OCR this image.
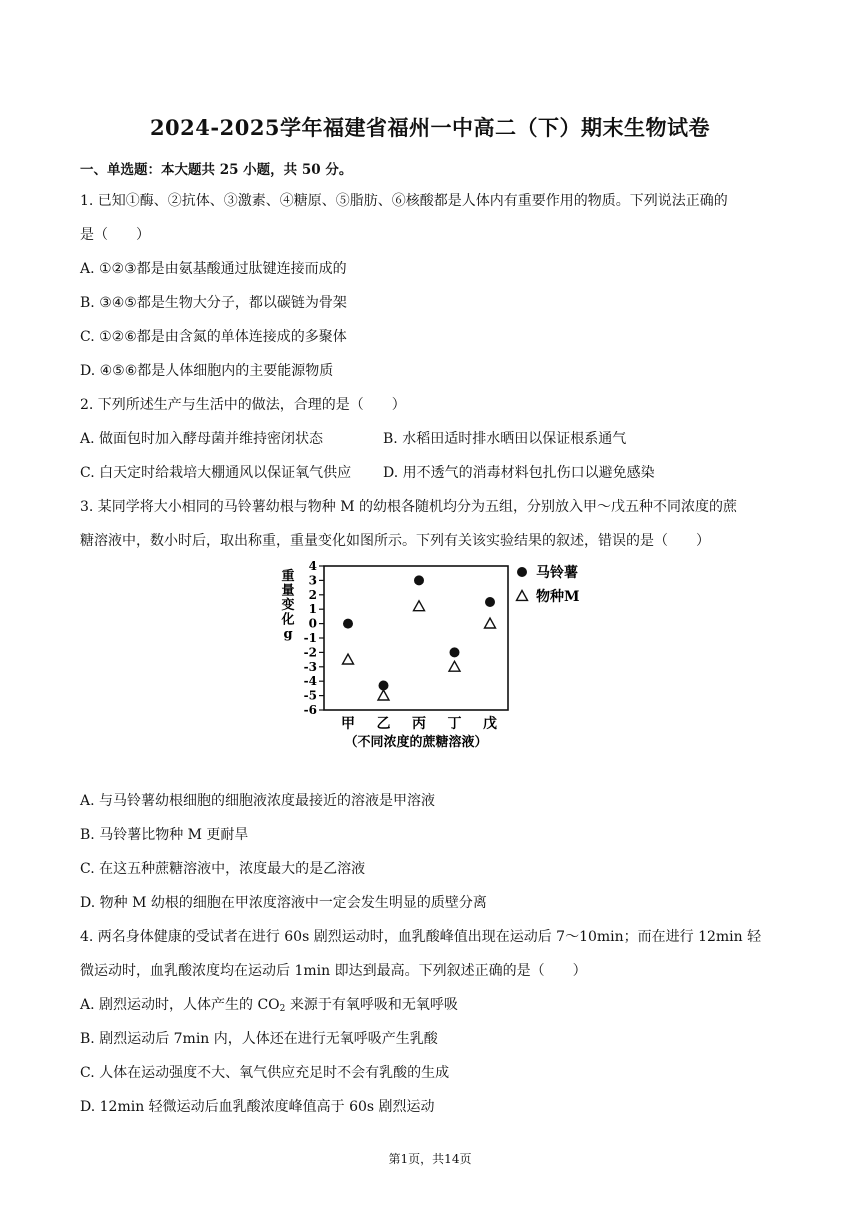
2024-2025学年福建省福州一中高二（下）期末生物试卷
一、单选题：本大题共 25 小题，共 50 分。
1. 已知①酶、②抗体、③激素、④糖原、⑤脂肪、⑥核酸都是人体内有重要作用的物质。下列说法正确的
是（　　）
A. ①②③都是由氨基酸通过肽键连接而成的
B. ③④⑤都是生物大分子，都以碳链为骨架
C. ①②⑥都是由含氮的单体连接成的多聚体
D. ④⑤⑥都是人体细胞内的主要能源物质
2. 下列所述生产与生活中的做法，合理的是（　　）
A. 做面包时加入酵母菌并维持密闭状态	B. 水稻田适时排水晒田以保证根系通气
C. 白天定时给栽培大棚通风以保证氧气供应 D. 用不透气的消毒材料包扎伤口以避免感染
3. 某同学将大小相同的马铃薯幼根与物种 M 的幼根各随机均分为五组，分别放入甲～戊五种不同浓度的蔗
糖溶液中，数小时后，取出称重，重量变化如图所示。下列有关该实验结果的叙述，错误的是（　　）
重量变化 g
4
3
2
1
0
-1
-2
-3
-4
-5
-6
甲 乙 丙 丁 戊
（不同浓度的蔗糖溶液）
马铃薯
物种M
A. 与马铃薯幼根细胞的细胞液浓度最接近的溶液是甲溶液
B. 马铃薯比物种 M 更耐旱
C. 在这五种蔗糖溶液中，浓度最大的是乙溶液
D. 物种 M 幼根的细胞在甲浓度溶液中一定会发生明显的质壁分离
4. 两名身体健康的受试者在进行 60s 剧烈运动时，血乳酸峰值出现在运动后 7～10min；而在进行 12min 轻
微运动时，血乳酸浓度均在运动后 1min 即达到最高。下列叙述正确的是（　　）
A. 剧烈运动时，人体产生的 $CO_2$ 来源于有氧呼吸和无氧呼吸
B. 剧烈运动后 7min 内，人体还在进行无氧呼吸产生乳酸
C. 人体在运动强度不大、氧气供应充足时不会有乳酸的生成
D. 12min 轻微运动后血乳酸浓度峰值高于 60s 剧烈运动
第1页，共14页
